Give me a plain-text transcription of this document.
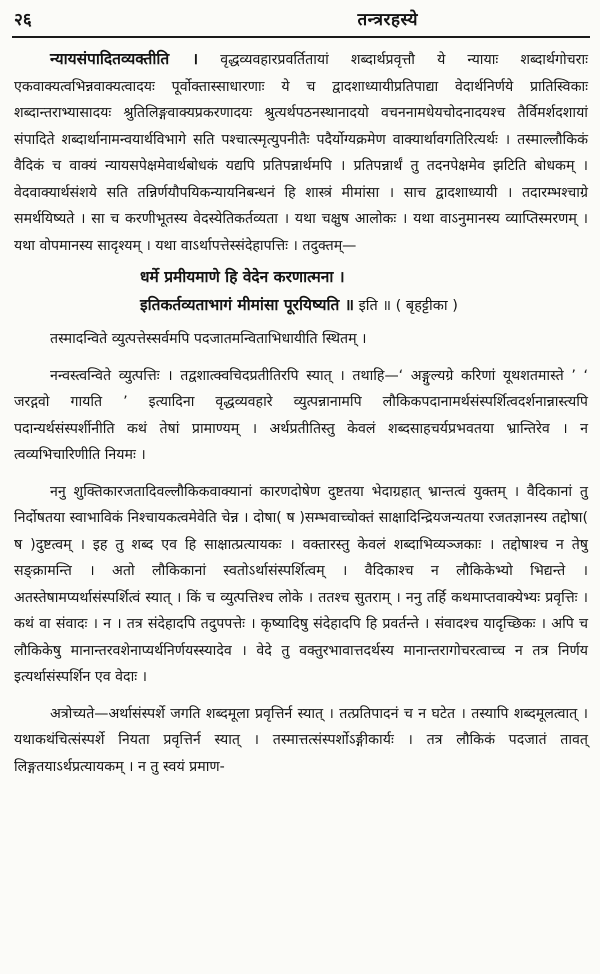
२६	तन्त्ररहस्ये

न्यायसंपादितव्यक्तीति । वृद्धव्यवहारप्रवर्तितायां शब्दार्थप्रवृत्तौ ये न्यायाः शब्दार्थगोचराः एकवाक्यत्वभिन्नवाक्यत्वादयः पूर्वोक्तास्साधारणाः ये च द्वादशाध्यायीप्रतिपाद्या वेदार्थनिर्णये प्रातिस्विकाः शब्दान्तराभ्यासादयः श्रुतिलिङ्गवाक्यप्रकरणादयः श्रुत्यर्थपठनस्थानादयो वचननामधेयचोदनादयश्च तैर्विमर्शदशायां संपादिते शब्दार्थानामन्वयार्थविभागे सति पश्चात्स्मृत्युपनीतैः पदैर्योग्यक्रमेण वाक्यार्थावगतिरित्यर्थः । तस्माल्लौकिकं वैदिकं च वाक्यं न्यायसपेक्षमेवार्थबोधकं यद्यपि प्रतिपन्नार्थमपि । प्रतिपन्नार्थं तु तदनपेक्षमेव झटिति बोधकम् । वेदवाक्यार्थसंशये सति तन्निर्णयौपयिकन्यायनिबन्धनं हि शास्त्रं मीमांसा । साच द्वादशाध्यायी । तदारम्भश्चाग्रे समर्थयिष्यते । सा च करणीभूतस्य वेदस्येतिकर्तव्यता । यथा चक्षुष आलोकः । यथा वाऽनुमानस्य व्याप्तिस्मरणम् । यथा वोपमानस्य सादृश्यम् । यथा वाऽर्थापत्तेस्संदेहापत्तिः । तदुक्तम्—

धर्मे प्रमीयमाणे हि वेदेन करणात्मना ।
इतिकर्तव्यताभागं मीमांसा पूरयिष्यति ॥ इति ॥ ( बृहट्टीका )

तस्मादन्विते व्युत्पत्तेस्सर्वमपि पदजातमन्विताभिधायीति स्थितम् ।

नन्वस्त्वन्विते व्युत्पत्तिः । तद्वशात्क्वचिदप्रतीतिरपि स्यात् । तथाहि—‘ अङ्गुल्यग्रे करिणां यूथशतमास्ते ’ ‘ जरद्गवो गायति ’ इत्यादिना वृद्धव्यवहारे व्युत्पन्नानामपि लौकिकपदानामर्थसंस्पर्शित्वदर्शनान्नास्त्यपि पदान्यर्थसंस्पर्शीनीति कथं तेषां प्रामाण्यम् । अर्थप्रतीतिस्तु केवलं शब्दसाहचर्यप्रभवतया भ्रान्तिरेव । न त्वव्यभिचारिणीति नियमः ।

ननु शुक्तिकारजतादिवल्लौकिकवाक्यानां कारणदोषेण दुष्टतया भेदाग्रहात् भ्रान्तत्वं युक्तम् । वैदिकानां तु निर्दोषतया स्वाभाविकं निश्चायकत्वमेवेति चेन्न । दोषा( ष )सम्भवाच्चोक्तं साक्षादिन्द्रियजन्यतया रजतज्ञानस्य तद्दोषा( ष )दुष्टत्वम् । इह तु शब्द एव हि साक्षात्प्रत्यायकः । वक्तारस्तु केवलं शब्दाभिव्यञ्जकाः । तद्दोषाश्च न तेषु सङ्क्रामन्ति । अतो लौकिकानां स्वतोऽर्थासंस्पर्शित्वम् । वैदिकाश्च न लौकिकेभ्यो भिद्यन्ते । अतस्तेषामप्यर्थासंस्पर्शित्वं स्यात् । किं च व्युत्पत्तिश्च लोके । ततश्च सुतराम् । ननु तर्हि कथमाप्तवाक्येभ्यः प्रवृत्तिः । कथं वा संवादः । न । तत्र संदेहादपि तदुपपत्तेः । कृष्यादिषु संदेहादपि हि प्रवर्तन्ते । संवादश्च यादृच्छिकः । अपि च लौकिकेषु मानान्तरवशेनाप्यर्थनिर्णयस्स्यादेव । वेदे तु वक्तुरभावात्तदर्थस्य मानान्तरागोचरत्वाच्च न तत्र निर्णय इत्यर्थासंस्पर्शिन एव वेदाः ।

अत्रोच्यते—अर्थासंस्पर्शे जगति शब्दमूला प्रवृत्तिर्न स्यात् । तत्प्रतिपादनं च न घटेत । तस्यापि शब्दमूलत्वात् । यथाकथंचित्संस्पर्शे नियता प्रवृत्तिर्न स्यात् । तस्मात्तत्संस्पर्शोऽङ्गीकार्यः । तत्र लौकिकं पदजातं तावत् लिङ्गतयाऽर्थप्रत्यायकम् । न तु स्वयं प्रमाण-
